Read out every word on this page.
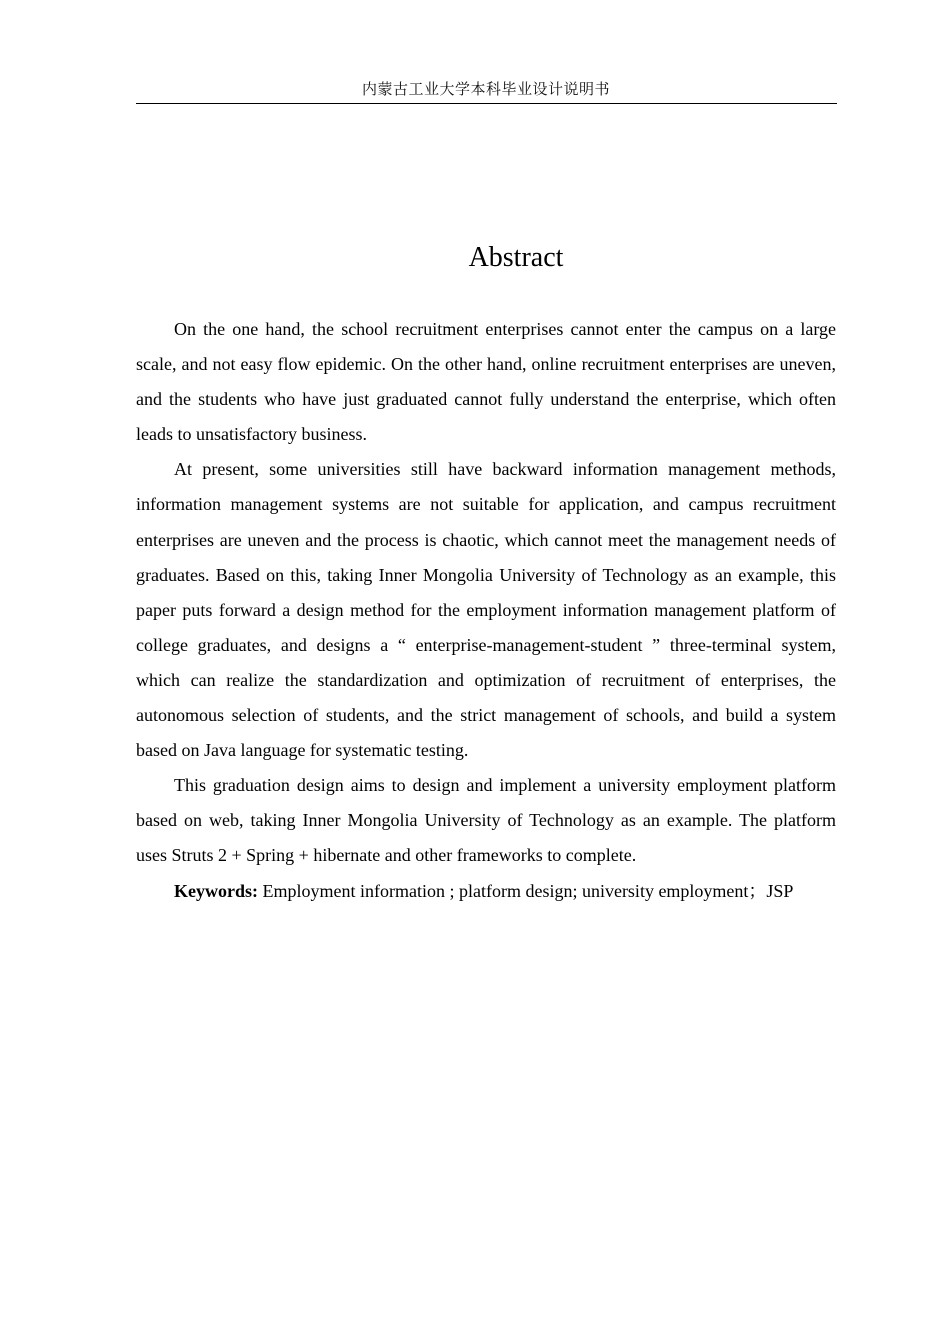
内蒙古工业大学本科毕业设计说明书
Abstract

On the one hand, the school recruitment enterprises cannot enter the campus on a large scale, and not easy flow epidemic. On the other hand, online recruitment enterprises are uneven, and the students who have just graduated cannot fully understand the enterprise, which often leads to unsatisfactory business.

At present, some universities still have backward information management methods, information management systems are not suitable for application, and campus recruitment enterprises are uneven and the process is chaotic, which cannot meet the management needs of graduates. Based on this, taking Inner Mongolia University of Technology as an example, this paper puts forward a design method for the employment information management platform of college graduates, and designs a “ enterprise-management-student ” three-terminal system, which can realize the standardization and optimization of recruitment of enterprises, the autonomous selection of students, and the strict management of schools, and build a system based on Java language for systematic testing.

This graduation design aims to design and implement a university employment platform based on web, taking Inner Mongolia University of Technology as an example. The platform uses Struts 2 + Spring + hibernate and other frameworks to complete.

Keywords: Employment information ; platform design; university employment；JSP
